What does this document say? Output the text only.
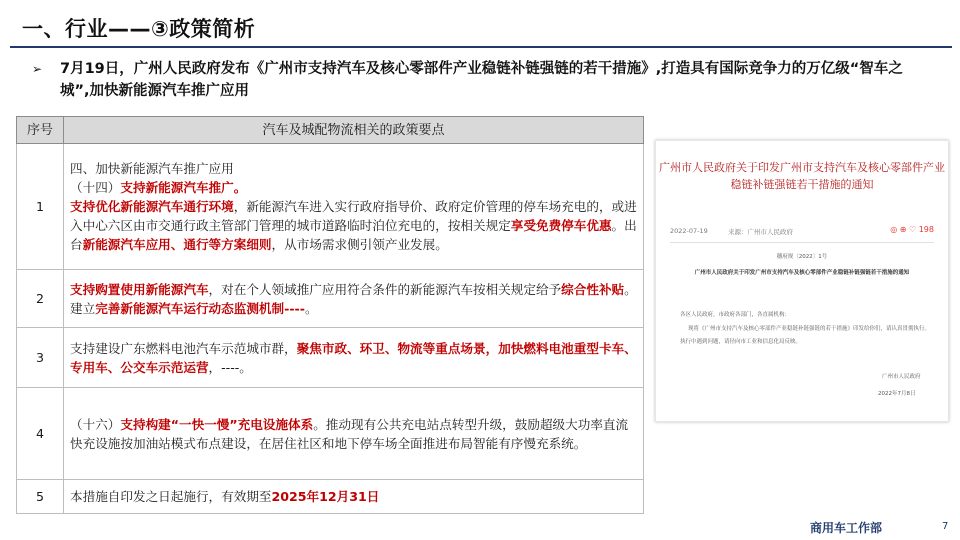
一、行业——③政策简析
➢ 7月19日，广州人民政府发布《广州市支持汽车及核心零部件产业稳链补链强链的若干措施》,打造具有国际竞争力的万亿级“智车之城”,加快新能源汽车推广应用
序号	汽车及城配物流相关的政策要点
1	四、加快新能源汽车推广应用
（十四）支持新能源汽车推广。
支持优化新能源汽车通行环境，新能源汽车进入实行政府指导价、政府定价管理的停车场充电的，或进入中心六区由市交通行政主管部门管理的城市道路临时泊位充电的，按相关规定享受免费停车优惠。出台新能源汽车应用、通行等方案细则，从市场需求侧引领产业发展。
2	支持购置使用新能源汽车，对在个人领域推广应用符合条件的新能源汽车按相关规定给予综合性补贴。建立完善新能源汽车运行动态监测机制----。
3	支持建设广东燃料电池汽车示范城市群，聚焦市政、环卫、物流等重点场景，加快燃料电池重型卡车、专用车、公交车示范运营，----。
4	（十六）支持构建“一快一慢”充电设施体系。推动现有公共充电站点转型升级，鼓励超级大功率直流快充设施按加油站模式布点建设，在居住社区和地下停车场全面推进布局智能有序慢充系统。
5	本措施自印发之日起施行，有效期至2025年12月31日
广州市人民政府关于印发广州市支持汽车及核心零部件产业
稳链补链强链若干措施的通知
2022-07-19	来源：广州市人民政府	◎ ⊕ ♡ 198
穗府规〔2022〕1号
广州市人民政府关于印发广州市支持汽车及核心零部件产业稳链补链强链若干措施的通知
各区人民政府，市政府各部门，各直属机构：
现将《广州市支持汽车及核心零部件产业稳链补链强链的若干措施》印发给你们，请认真贯彻执行。
执行中遇到问题，请径向市工业和信息化局反映。
广州市人民政府
2022年7月8日
商用车工作部	7
